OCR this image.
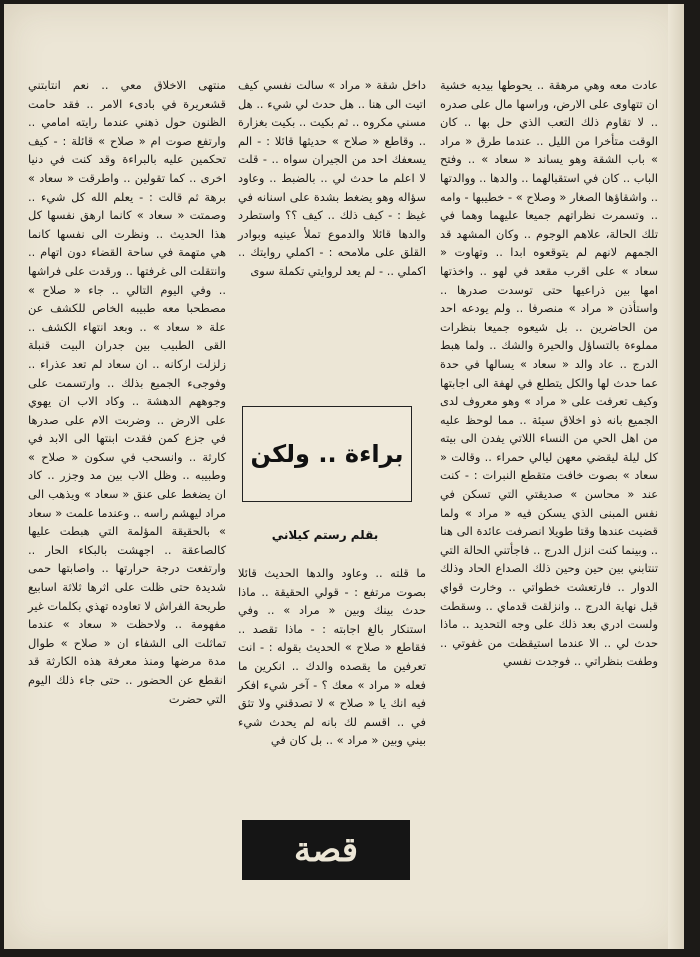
عادت معه وهي مرهقة .. يحوطها بيديه خشية ان تتهاوى على الارض، وراسها مال على صدره .. لا تقاوم ذلك التعب الذي حل بها .. كان الوقت متأخرا من الليل .. عندما طرق « مراد » باب الشقة وهو يساند « سعاد » .. وفتح الباب .. كان في استقبالهما .. والدها .. ووالدتها .. واشقاؤها الصغار « وصلاح » - خطيبها - وامه .. وتسمرت نظراتهم جميعا عليهما وهما في تلك الحالة، علاهم الوجوم .. وكان المشهد قد الجمهم لانهم لم يتوقعوه ابدا .. وتهاوت « سعاد » على اقرب مقعد في لهو .. واخذتها امها بين ذراعيها حتى توسدت صدرها .. واستأذن « مراد » منصرفا .. ولم يودعه احد من الحاضرين .. بل شيعوه جميعا بنظرات مملوءة بالتساؤل والحيرة والشك .. ولما هبط الدرج .. عاد والد « سعاد » يسالها في حدة عما حدث لها والكل يتطلع في لهفة الى اجابتها وكيف تعرفت على « مراد » وهو معروف لدى الجميع بانه ذو اخلاق سيئة .. مما لوحظ عليه من اهل الحي من النساء اللاتي يفدن الى بيته كل ليلة ليقضي معهن ليالي حمراء .. وقالت « سعاد » بصوت خافت متقطع النبرات : - كنت عند « محاسن » صديقتي التي تسكن في نفس المبنى الذي يسكن فيه « مراد » ولما قضيت عندها وقتا طويلا انصرفت عائدة الى هنا .. وبينما كنت انزل الدرج .. فاجأتني الحالة التي تنتابني بين حين وحين ذلك الصداع الحاد وذلك الدوار .. فارتعشت خطواتي .. وخارت قواي قبل نهاية الدرج .. وانزلقت قدماي .. وسقطت ولست ادري بعد ذلك على وجه التحديد .. ماذا حدث لي .. الا عندما استيقظت من غفوتي .. وطفت بنظراتي .. فوجدت نفسي

داخل شقة « مراد » سالت نفسي كيف اتيت الى هنا .. هل حدث لي شيء .. هل مسني مكروه .. ثم بكيت .. بكيت بغزارة .. وقاطع « صلاح » حديثها قائلا : - الم يسعفك احد من الجيران سواه .. - قلت لا اعلم ما حدث لي .. بالضبط .. وعاود سؤاله وهو يضغط بشدة على اسنانه في غيظ : - كيف ذلك .. كيف ؟؟ واستطرد والدها قائلا والدموع تملأ عينيه وبوادر القلق على ملامحه : - اكملي روايتك .. اكملي .. - لم يعد لروايتي تكملة سوى

براءة .. ولكن
بقلم رستم كيلاني

ما قلته .. وعاود والدها الحديث قائلا بصوت مرتفع : - قولي الحقيقة .. ماذا حدث بينك وبين « مراد » .. وفي استنكار بالغ اجابته : - ماذا تقصد .. فقاطع « صلاح » الحديث بقوله : - انت تعرفين ما يقصده والدك .. انكرين ما فعله « مراد » معك ؟ - آخر شيء افكر فيه انك يا « صلاح » لا تصدقني ولا تثق في .. اقسم لك بانه لم يحدث شيء بيني وبين « مراد » .. بل كان في

قصة

منتهى الاخلاق معي .. نعم انتابتني قشعريرة في بادىء الامر .. فقد حامت الظنون حول ذهني عندما رايته امامي .. وارتفع صوت ام « صلاح » قائلة : - كيف تحكمين عليه بالبراءة وقد كنت في دنيا اخرى .. كما تقولين .. واطرقت « سعاد » برهة ثم قالت : - يعلم الله كل شيء .. وصمتت « سعاد » كانما ارهق نفسها كل هذا الحديث .. ونظرت الى نفسها كانما هي متهمة في ساحة القضاء دون اتهام .. وانتقلت الى غرفتها .. ورقدت على فراشها .. وفي اليوم التالي .. جاء « صلاح » مصطحبا معه طبيبه الخاص للكشف عن علة « سعاد » .. وبعد انتهاء الكشف .. القى الطبيب بين جدران البيت قنبلة زلزلت اركانه .. ان سعاد لم تعد عذراء .. وفوجىء الجميع بذلك .. وارتسمت على وجوههم الدهشة .. وكاد الاب ان يهوي على الارض .. وضربت الام على صدرها في جزع كمن فقدت ابنتها الى الابد في كارثة .. وانسحب في سكون « صلاح » وطبيبه .. وظل الاب بين مد وجزر .. كاد ان يضغط على عنق « سعاد » ويذهب الى مراد ليهشم راسه .. وعندما علمت « سعاد » بالحقيقة المؤلمة التي هبطت عليها كالصاعقة .. اجهشت بالبكاء الحار .. وارتفعت درجة حرارتها .. واصابتها حمى شديدة حتى ظلت على اثرها ثلاثة اسابيع طريحة الفراش لا تعاوده تهذي بكلمات غير مفهومة .. ولاحظت « سعاد » عندما تماثلت الى الشفاء ان « صلاح » طوال مدة مرضها ومنذ معرفة هذه الكارثة قد انقطع عن الحضور .. حتى جاء ذلك اليوم التي حضرت
